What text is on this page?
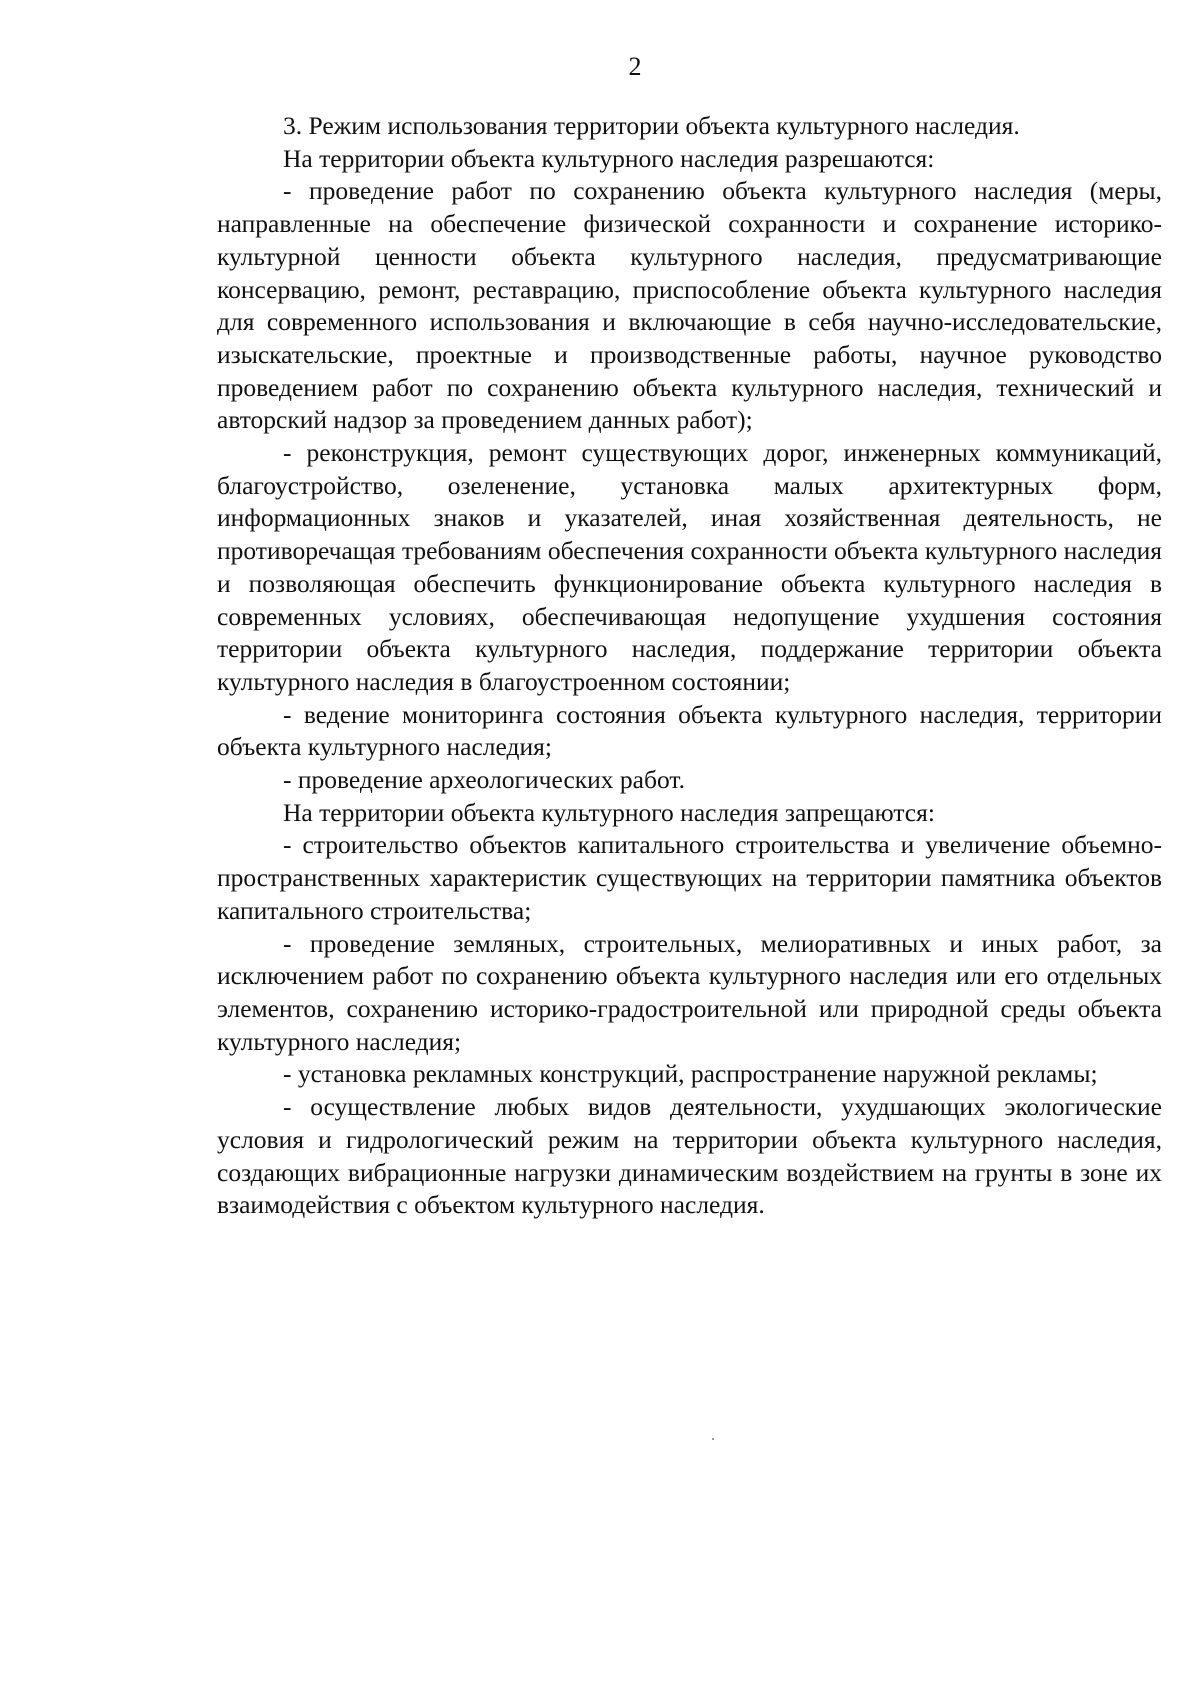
2

3. Режим использования территории объекта культурного наследия.

На территории объекта культурного наследия разрешаются:

- проведение работ по сохранению объекта культурного наследия (меры, направленные на обеспечение физической сохранности и сохранение историко-культурной ценности объекта культурного наследия, предусматривающие консервацию, ремонт, реставрацию, приспособление объекта культурного наследия для современного использования и включающие в себя научно-исследовательские, изыскательские, проектные и производственные работы, научное руководство проведением работ по сохранению объекта культурного наследия, технический и авторский надзор за проведением данных работ);

- реконструкция, ремонт существующих дорог, инженерных коммуникаций, благоустройство, озеленение, установка малых архитектурных форм, информационных знаков и указателей, иная хозяйственная деятельность, не противоречащая требованиям обеспечения сохранности объекта культурного наследия и позволяющая обеспечить функционирование объекта культурного наследия в современных условиях, обеспечивающая недопущение ухудшения состояния территории объекта культурного наследия, поддержание территории объекта культурного наследия в благоустроенном состоянии;

- ведение мониторинга состояния объекта культурного наследия, территории объекта культурного наследия;

- проведение археологических работ.

На территории объекта культурного наследия запрещаются:

- строительство объектов капитального строительства и увеличение объемно-пространственных характеристик существующих на территории памятника объектов капитального строительства;

- проведение земляных, строительных, мелиоративных и иных работ, за исключением работ по сохранению объекта культурного наследия или его отдельных элементов, сохранению историко-градостроительной или природной среды объекта культурного наследия;

- установка рекламных конструкций, распространение наружной рекламы;

- осуществление любых видов деятельности, ухудшающих экологические условия и гидрологический режим на территории объекта культурного наследия, создающих вибрационные нагрузки динамическим воздействием на грунты в зоне их взаимодействия с объектом культурного наследия.
